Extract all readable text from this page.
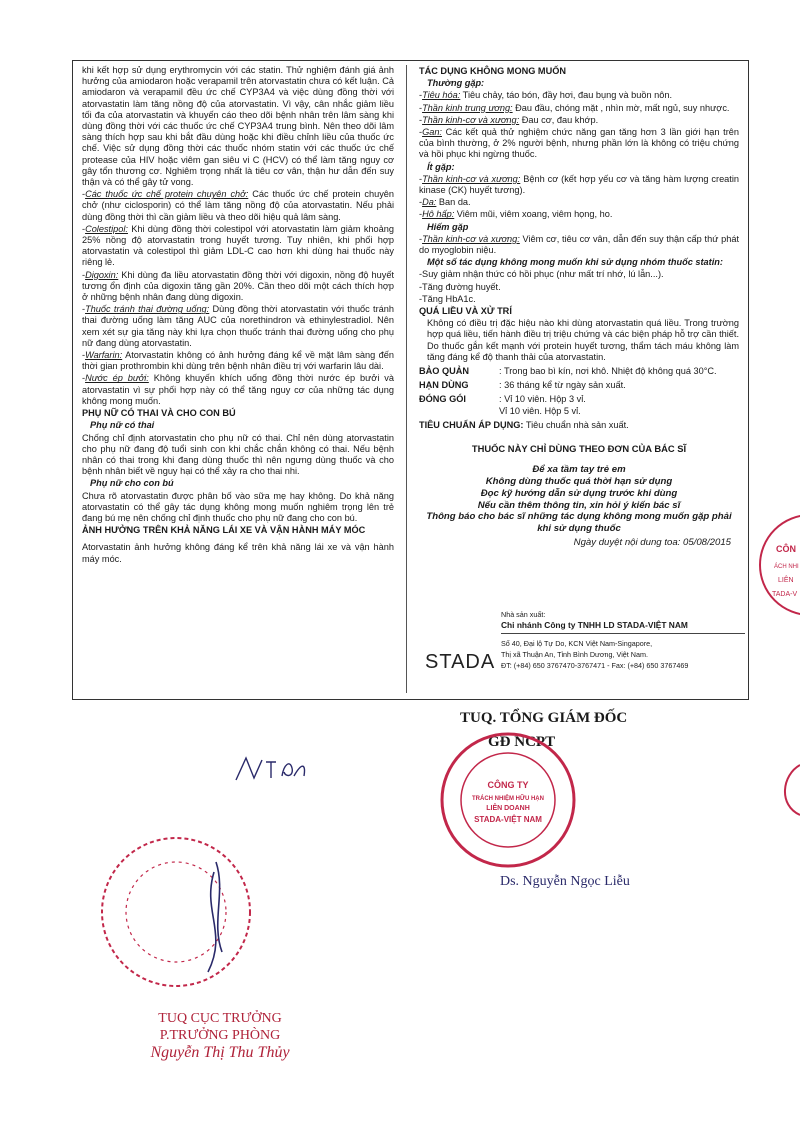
khi kết hợp sử dụng erythromycin với các statin. Thử nghiệm đánh giá ảnh hưởng của amiodaron hoặc verapamil trên atorvastatin chưa có kết luận. Cả amiodaron và verapamil đều ức chế CYP3A4 và việc dùng đồng thời với atorvastatin làm tăng nồng độ của atorvastatin. Vì vậy, cân nhắc giảm liều tối đa của atorvastatin và khuyến cáo theo dõi bệnh nhân trên lâm sàng khi dùng đồng thời với các thuốc ức chế CYP3A4 trung bình. Nên theo dõi lâm sàng thích hợp sau khi bắt đầu dùng hoặc khi điều chỉnh liều của thuốc ức chế. Việc sử dụng đồng thời các thuốc nhóm statin với các thuốc ức chế protease của HIV hoặc viêm gan siêu vi C (HCV) có thể làm tăng nguy cơ gây tổn thương cơ. Nghiêm trọng nhất là tiêu cơ vân, thận hư dẫn đến suy thận và có thể gây tử vong.

-Các thuốc ức chế protein chuyên chở: Các thuốc ức chế protein chuyên chở (như ciclosporin) có thể làm tăng nồng độ của atorvastatin. Nếu phải dùng đồng thời thì cần giảm liều và theo dõi hiệu quả lâm sàng.

-Colestipol: Khi dùng đồng thời colestipol với atorvastatin làm giảm khoảng 25% nồng độ atorvastatin trong huyết tương. Tuy nhiên, khi phối hợp atorvastatin và colestipol thì giảm LDL-C cao hơn khi dùng hai thuốc này riêng lẻ.

-Digoxin: Khi dùng đa liều atorvastatin đồng thời với digoxin, nồng độ huyết tương ổn định của digoxin tăng gần 20%. Cần theo dõi một cách thích hợp ở những bệnh nhân đang dùng digoxin.

-Thuốc tránh thai đường uống: Dùng đồng thời atorvastatin với thuốc tránh thai đường uống làm tăng AUC của norethindron và ethinylestradiol. Nên xem xét sự gia tăng này khi lựa chọn thuốc tránh thai đường uống cho phụ nữ đang dùng atorvastatin.

-Warfarin: Atorvastatin không có ảnh hưởng đáng kể về mặt lâm sàng đến thời gian prothrombin khi dùng trên bệnh nhân điều trị với warfarin lâu dài.

-Nước ép bưởi: Không khuyến khích uống đồng thời nước ép bưởi và atorvastatin vì sự phối hợp này có thể tăng nguy cơ của những tác dụng không mong muốn.

PHỤ NỮ CÓ THAI VÀ CHO CON BÚ
Phụ nữ có thai

Chống chỉ định atorvastatin cho phụ nữ có thai. Chỉ nên dùng atorvastatin cho phụ nữ đang độ tuổi sinh con khi chắc chắn không có thai. Nếu bệnh nhân có thai trong khi đang dùng thuốc thì nên ngưng dùng thuốc và cho bệnh nhân biết về nguy hại có thể xảy ra cho thai nhi.

Phụ nữ cho con bú

Chưa rõ atorvastatin được phân bố vào sữa mẹ hay không. Do khả năng atorvastatin có thể gây tác dụng không mong muốn nghiêm trọng lên trẻ đang bú mẹ nên chống chỉ định thuốc cho phụ nữ đang cho con bú.

ẢNH HƯỞNG TRÊN KHẢ NĂNG LÁI XE VÀ VẬN HÀNH MÁY MÓC

Atorvastatin ảnh hưởng không đáng kể trên khả năng lái xe và vận hành máy móc.

TÁC DỤNG KHÔNG MONG MUỐN
Thường gặp:

-Tiêu hóa: Tiêu chảy, táo bón, đầy hơi, đau bụng và buồn nôn.

-Thần kinh trung ương: Đau đầu, chóng mặt , nhìn mờ, mất ngủ, suy nhược.

-Thần kinh-cơ và xương: Đau cơ, đau khớp.

-Gan: Các kết quả thử nghiệm chức năng gan tăng hơn 3 lần giới hạn trên của bình thường, ở 2% người bệnh, nhưng phần lớn là không có triệu chứng và hồi phục khi ngừng thuốc.

Ít gặp:

-Thần kinh-cơ và xương: Bệnh cơ (kết hợp yếu cơ và tăng hàm lượng creatin kinase (CK) huyết tương).

-Da: Ban da.

-Hô hấp: Viêm mũi, viêm xoang, viêm họng, ho.

Hiếm gặp

-Thần kinh-cơ và xương: Viêm cơ, tiêu cơ vân, dẫn đến suy thận cấp thứ phát do myoglobin niệu.

Một số tác dụng không mong muốn khi sử dụng nhóm thuốc statin:

-Suy giảm nhận thức có hồi phục (như mất trí nhớ, lú lẫn...).

-Tăng đường huyết.

-Tăng HbA1c.

QUÁ LIỀU VÀ XỬ TRÍ

Không có điều trị đặc hiệu nào khi dùng atorvastatin quá liều. Trong trường hợp quá liều, tiến hành điều trị triệu chứng và các biện pháp hỗ trợ cần thiết. Do thuốc gắn kết mạnh với protein huyết tương, thẩm tách máu không làm tăng đáng kể độ thanh thải của atorvastatin.

BẢO QUẢN	: Trong bao bì kín, nơi khô. Nhiệt độ không quá 30°C.
HẠN DÙNG	: 36 tháng kể từ ngày sản xuất.
ĐÓNG GÓI	: Vỉ 10 viên. Hộp 3 vỉ.
Vỉ 10 viên. Hộp 5 vỉ.

TIÊU CHUẨN ÁP DỤNG: Tiêu chuẩn nhà sản xuất.

THUỐC NÀY CHỈ DÙNG THEO ĐƠN CỦA BÁC SĨ
Để xa tầm tay trẻ em
Không dùng thuốc quá thời hạn sử dụng
Đọc kỹ hướng dẫn sử dụng trước khi dùng
Nếu cần thêm thông tin, xin hỏi ý kiến bác sĩ
Thông báo cho bác sĩ những tác dụng không mong muốn gặp phải khi sử dụng thuốc
Ngày duyệt nội dung toa: 05/08/2015
Nhà sản xuất:
Chi nhánh Công ty TNHH LD STADA-VIỆT NAM
Số 40, Đại lộ Tự Do, KCN Việt Nam-Singapore,
Thị xã Thuận An, Tỉnh Bình Dương, Việt Nam.
ĐT: (+84) 650 3767470-3767471 - Fax: (+84) 650 3767469
STADA
TUQ. TỔNG GIÁM ĐỐC
GĐ NCPT
CÔNG TY
TRÁCH NHIỆM HỮU HẠN
LIÊN DOANH
STADA-VIỆT NAM
Ds. Nguyễn Ngọc Liễu
TUQ CỤC TRƯỞNG
P.TRƯỞNG PHÒNG
Nguyễn Thị Thu Thủy
CÔN
ÁCH NHI
LIÊN
TADA-V
